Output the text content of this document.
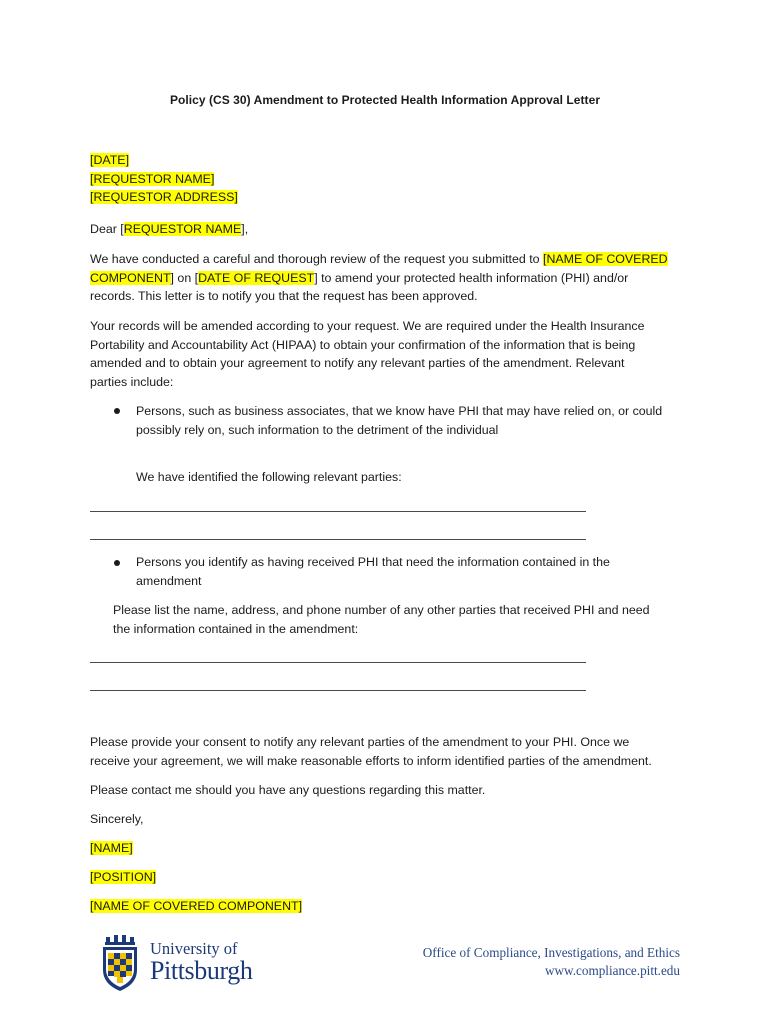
Policy (CS 30) Amendment to Protected Health Information Approval Letter
[DATE]
[REQUESTOR NAME]
[REQUESTOR ADDRESS]
Dear [REQUESTOR NAME],
We have conducted a careful and thorough review of the request you submitted to [NAME OF COVERED
COMPONENT] on [DATE OF REQUEST] to amend your protected health information (PHI) and/or
records. This letter is to notify you that the request has been approved.
Your records will be amended according to your request. We are required under the Health Insurance
Portability and Accountability Act (HIPAA) to obtain your confirmation of the information that is being
amended and to obtain your agreement to notify any relevant parties of the amendment. Relevant
parties include:
Persons, such as business associates, that we know have PHI that may have relied on, or could
possibly rely on, such information to the detriment of the individual
We have identified the following relevant parties:
Persons you identify as having received PHI that need the information contained in the
amendment
Please list the name, address, and phone number of any other parties that received PHI and need
the information contained in the amendment:
Please provide your consent to notify any relevant parties of the amendment to your PHI. Once we
receive your agreement, we will make reasonable efforts to inform identified parties of the amendment.
Please contact me should you have any questions regarding this matter.
Sincerely,
[NAME]
[POSITION]
[NAME OF COVERED COMPONENT]
University of
Pittsburgh
Office of Compliance, Investigations, and Ethics
www.compliance.pitt.edu
